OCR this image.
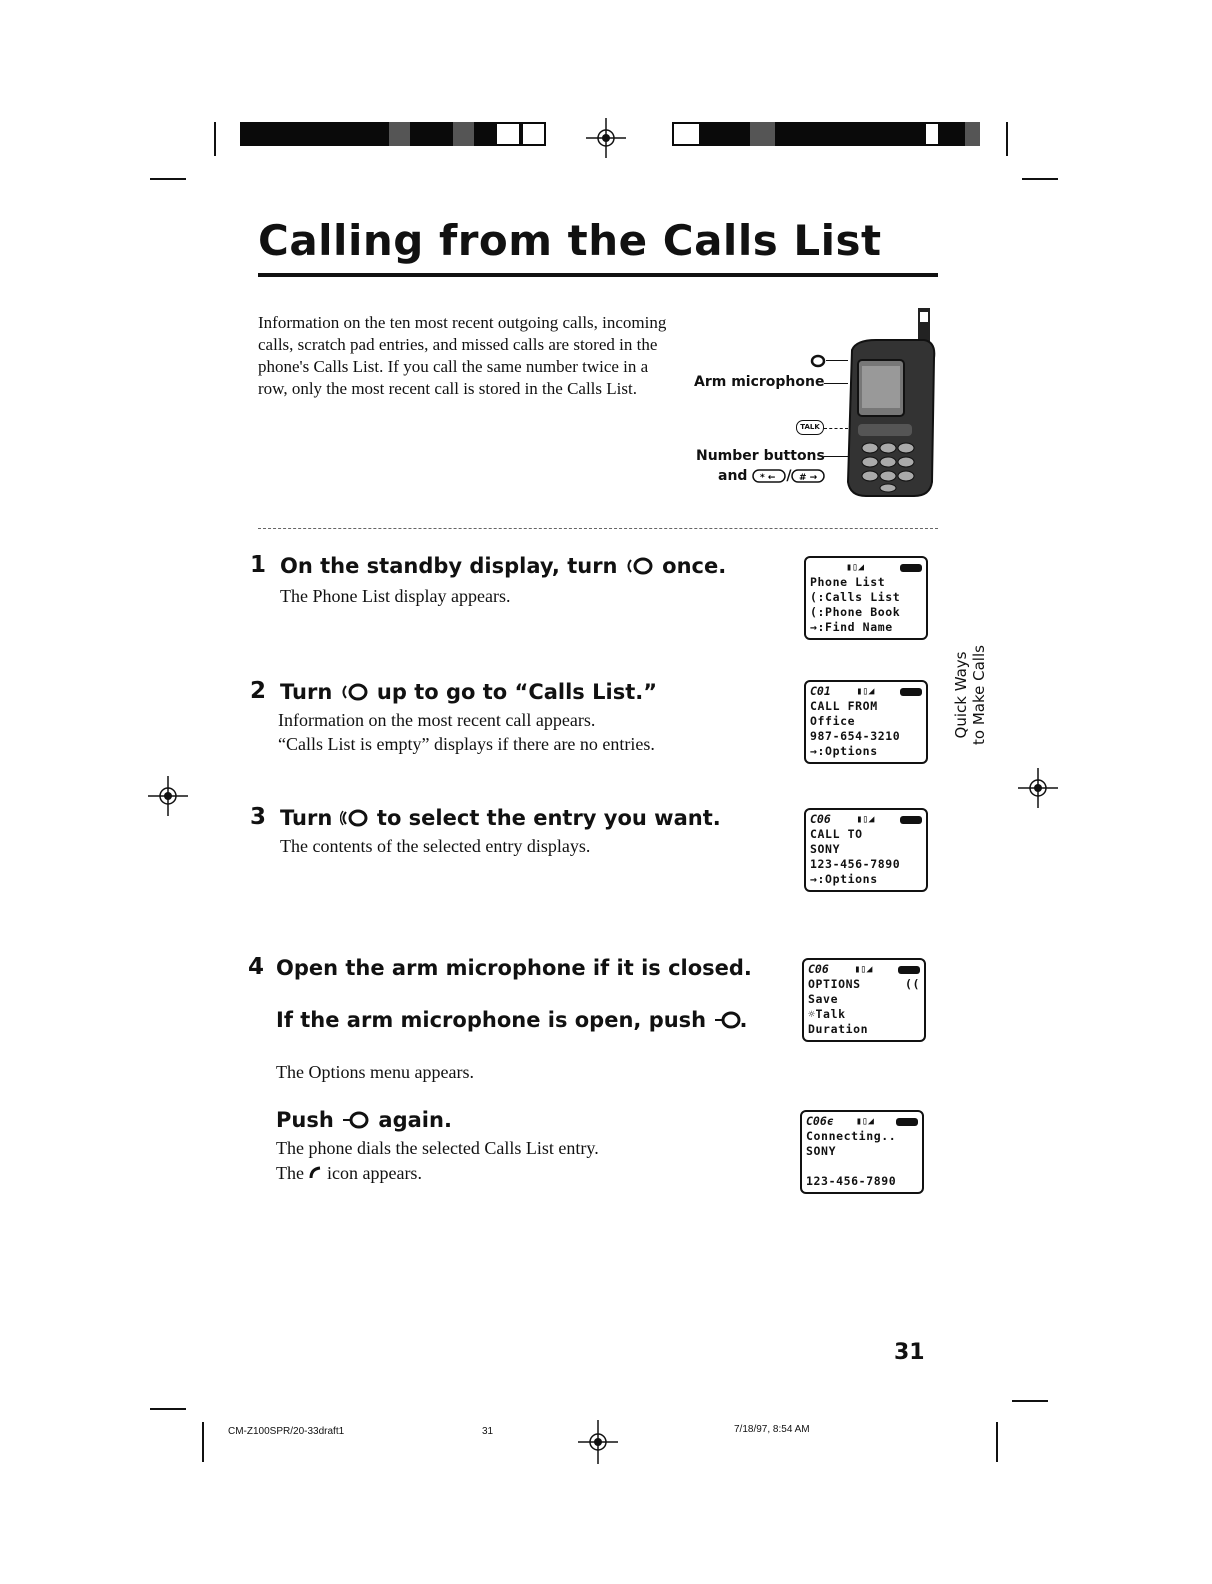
Calling from the Calls List
Information on the ten most recent outgoing calls, incoming calls, scratch pad entries, and missed calls are stored in the phone's Calls List. If you call the same number twice in a row, only the most recent call is stored in the Calls List.	Arm microphone
TALK
Number buttons
and * ← / # →
Quick Ways to Make Calls
1 On the standby display, turn once.
The Phone List display appears.
▮▯◢
Phone List
(:Calls List
(:Phone Book
→:Find Name
2 Turn up to go to “Calls List.”
Information on the most recent call appears.
“Calls List is empty” displays if there are no entries.
C01	▮▯◢
CALL FROM
Office
987-654-3210
→:Options
3 Turn to select the entry you want.
The contents of the selected entry displays.
C06	▮▯◢
CALL TO
SONY
123-456-7890
→:Options
4 Open the arm microphone if it is closed.
If the arm microphone is open, push .
The Options menu appears.
C06	▮▯◢
OPTIONS	((
Save
☼Talk
Duration
Push again.
The phone dials the selected Calls List entry.
The icon appears.
C06ϵ ▮▯◢
Connecting..
SONY
123-456-7890
31
CM-Z100SPR/20-33draft1	31	7/18/97, 8:54 AM
